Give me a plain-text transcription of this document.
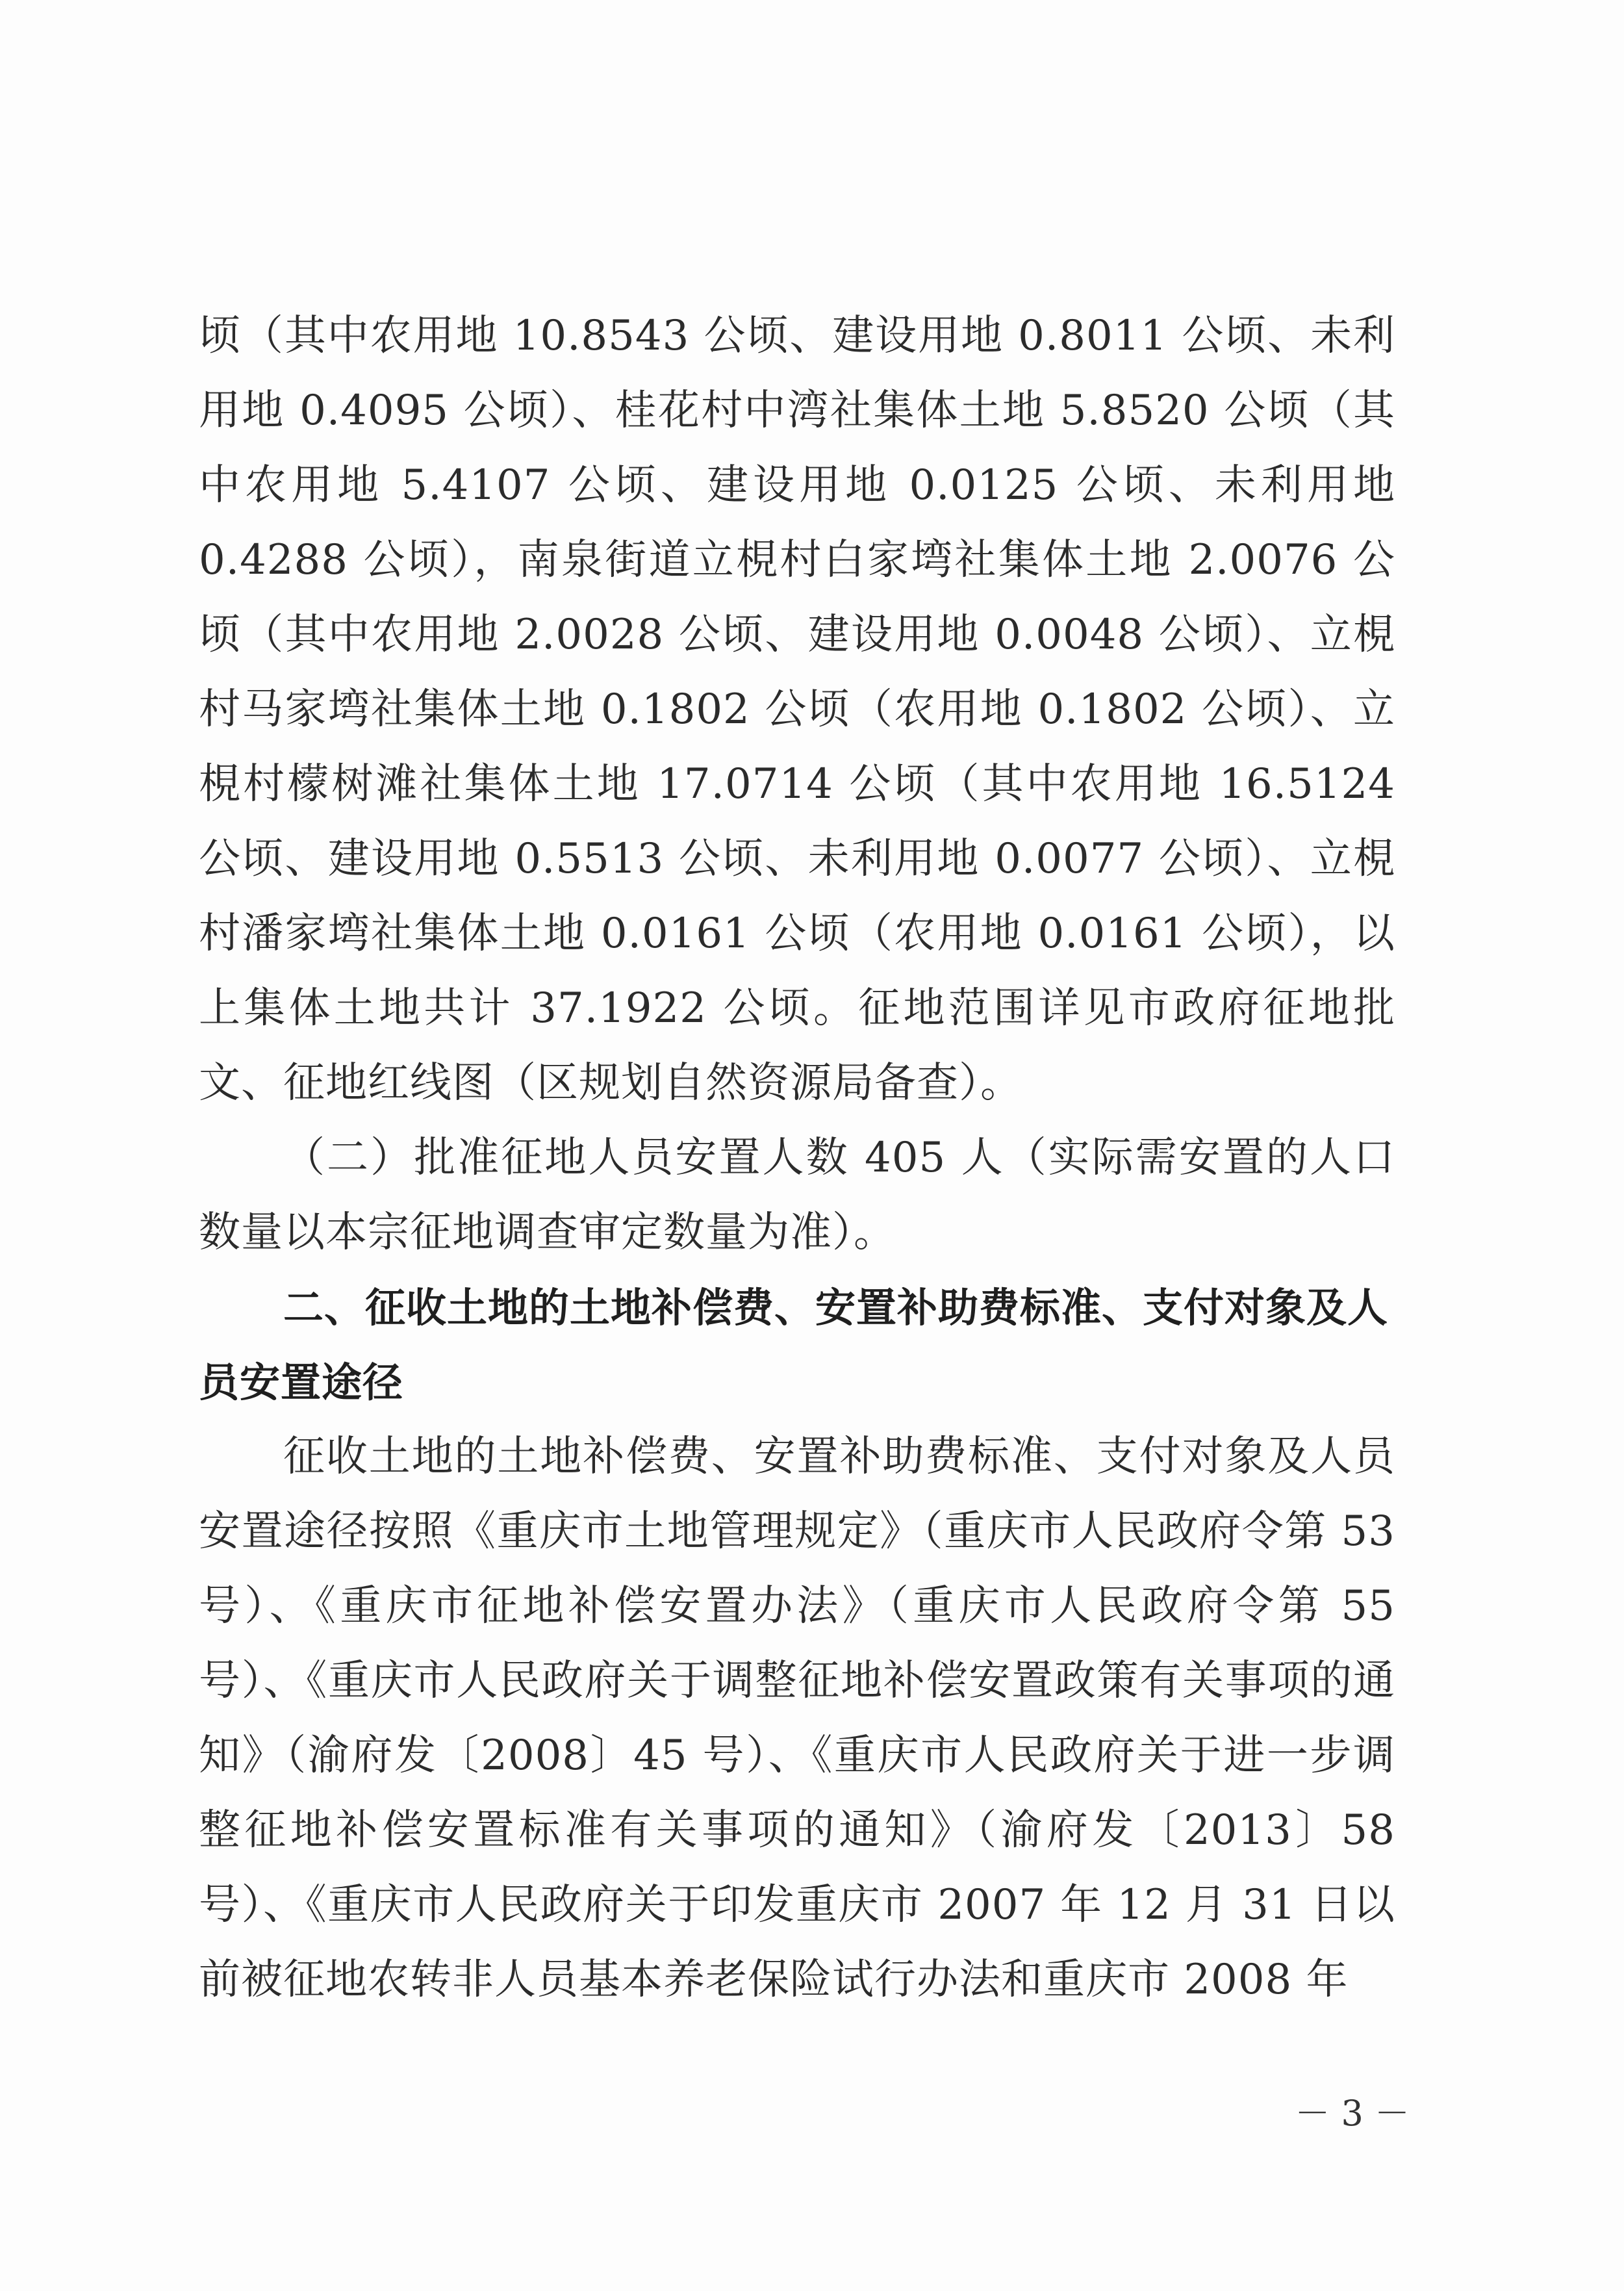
顷（其中农用地 10.8543 公顷、建设用地 0.8011 公顷、未利用地 0.4095 公顷）、桂花村中湾社集体土地 5.8520 公顷（其中农用地 5.4107 公顷、建设用地 0.0125 公顷、未利用地 0.4288 公顷），南泉街道立梘村白家塆社集体土地 2.0076 公顷（其中农用地 2.0028 公顷、建设用地 0.0048 公顷）、立梘村马家塆社集体土地 0.1802 公顷（农用地 0.1802 公顷）、立梘村檬树滩社集体土地 17.0714 公顷（其中农用地 16.5124 公顷、建设用地 0.5513 公顷、未利用地 0.0077 公顷）、立梘村潘家塆社集体土地 0.0161 公顷（农用地 0.0161 公顷），以上集体土地共计 37.1922 公顷。征地范围详见市政府征地批文、征地红线图（区规划自然资源局备查）。

（二）批准征地人员安置人数 405 人（实际需安置的人口数量以本宗征地调查审定数量为准）。

二、征收土地的土地补偿费、安置补助费标准、支付对象及人员安置途径

征收土地的土地补偿费、安置补助费标准、支付对象及人员安置途径按照《重庆市土地管理规定》（重庆市人民政府令第 53 号）、《重庆市征地补偿安置办法》（重庆市人民政府令第 55 号）、《重庆市人民政府关于调整征地补偿安置政策有关事项的通知》（渝府发〔2008〕45 号）、《重庆市人民政府关于进一步调整征地补偿安置标准有关事项的通知》（渝府发〔2013〕58 号）、《重庆市人民政府关于印发重庆市 2007 年 12 月 31 日以前被征地农转非人员基本养老保险试行办法和重庆市 2008 年

－ 3 －
